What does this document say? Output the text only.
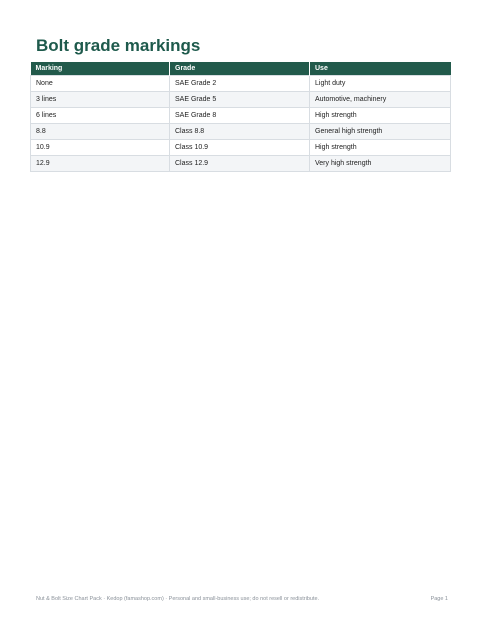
Bolt grade markings
Marking	Grade	Use
None	SAE Grade 2	Light duty
3 lines	SAE Grade 5	Automotive, machinery
6 lines	SAE Grade 8	High strength
8.8	Class 8.8	General high strength
10.9	Class 10.9	High strength
12.9	Class 12.9	Very high strength
Nut & Bolt Size Chart Pack · Kedop (famashop.com) · Personal and small-business use; do not resell or redistribute.	Page 1
